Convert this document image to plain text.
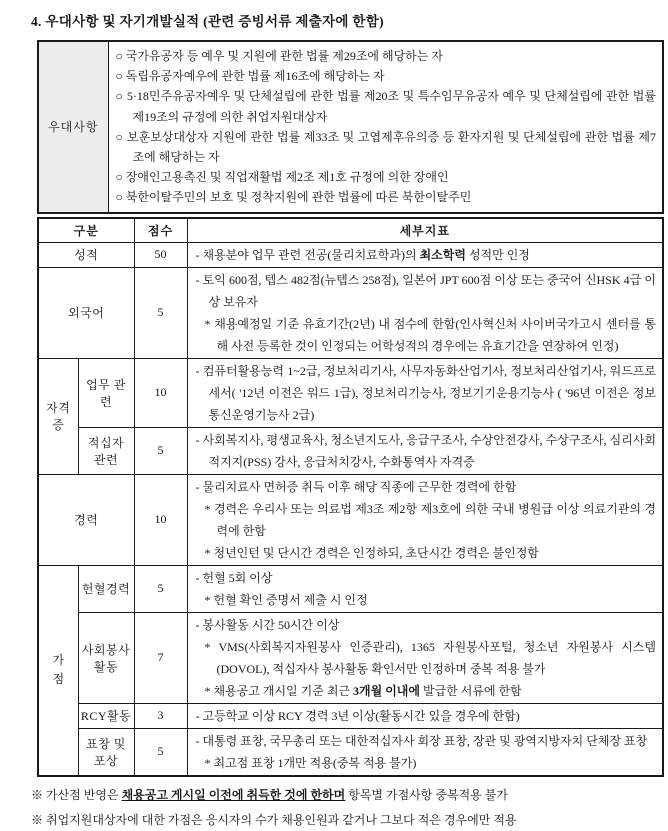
4. 우대사항 및 자기개발실적 (관련 증빙서류 제출자에 한함)
우대사항	
○ 국가유공자 등 예우 및 지원에 관한 법률 제29조에 해당하는 자
○ 독립유공자예우에 관한 법률 제16조에 해당하는 자
○ 5·18민주유공자예우 및 단체설립에 관한 법률 제20조 및 특수임무유공자 예우 및 단체설립에 관한 법률 제19조의 규정에 의한 취업지원대상자
○ 보훈보상대상자 지원에 관한 법률 제33조 및 고엽제후유의증 등 환자지원 및 단체설립에 관한 법률 제7조에 해당하는 자
○ 장애인고용촉진 및 직업재활법 제2조 제1호 규정에 의한 장애인
○ 북한이탈주민의 보호 및 정착지원에 관한 법률에 따른 북한이탈주민
구분		점수	세부지표
성적		50	- 채용분야 업무 관련 전공(물리치료학과)의 최소학력 성적만 인정

외국어		5	- 토익 600점, 텝스 482점(뉴텝스 258점), 일본어 JPT 600점 이상 또는 중국어 신HSK 4급 이상 보유자
* 채용예정일 기준 유효기간(2년) 내 점수에 한함(인사혁신처 사이버국가고시 센터를 통해 사전 등록한 것이 인정되는 어학성적의 경우에는 유효기간을 연장하여 인정)

자격증	업무 관련	10	- 컴퓨터활용능력 1~2급, 정보처리기사, 사무자동화산업기사, 정보처리산업기사, 워드프로세서( '12년 이전은 워드 1급), 정보처리기능사, 정보기기운용기능사 ( '96년 이전은 정보통신운영기능사 2급)

	적십자 관련	5	- 사회복지사, 평생교육사, 청소년지도사, 응급구조사, 수상안전강사, 수상구조사, 심리사회적지지(PSS) 강사, 응급처치강사, 수화통역사 자격증

경력		10	- 물리치료사 면허증 취득 이후 해당 직종에 근무한 경력에 한함
* 경력은 우리사 또는 의료법 제3조 제2항 제3호에 의한 국내 병원급 이상 의료기관의 경력에 한함
* 청년인턴 및 단시간 경력은 인정하되, 초단시간 경력은 불인정함

가점	헌혈경력	5	- 헌혈 5회 이상
* 헌혈 확인 증명서 제출 시 인정

	사회봉사 활동	7	- 봉사활동 시간 50시간 이상
* VMS(사회복지자원봉사 인증관리), 1365 자원봉사포털, 청소년 자원봉사 시스템(DOVOL), 적십자사 봉사활동 확인서만 인정하며 중복 적용 불가
* 채용공고 개시일 기준 최근 3개월 이내에 발급한 서류에 한함

	RCY활동	3	- 고등학교 이상 RCY 경력 3년 이상(활동시간 있을 경우에 한함)

	표창 및 포상	5	- 대통령 표창, 국무총리 또는 대한적십자사 회장 표창, 장관 및 광역지방자치 단체장 표창
* 최고점 표창 1개만 적용(중복 적용 불가)
※ 가산점 반영은 채용공고 게시일 이전에 취득한 것에 한하며 항목별 가점사항 중복적용 불가
※ 취업지원대상자에 대한 가점은 응시자의 수가 채용인원과 같거나 그보다 적은 경우에만 적용
